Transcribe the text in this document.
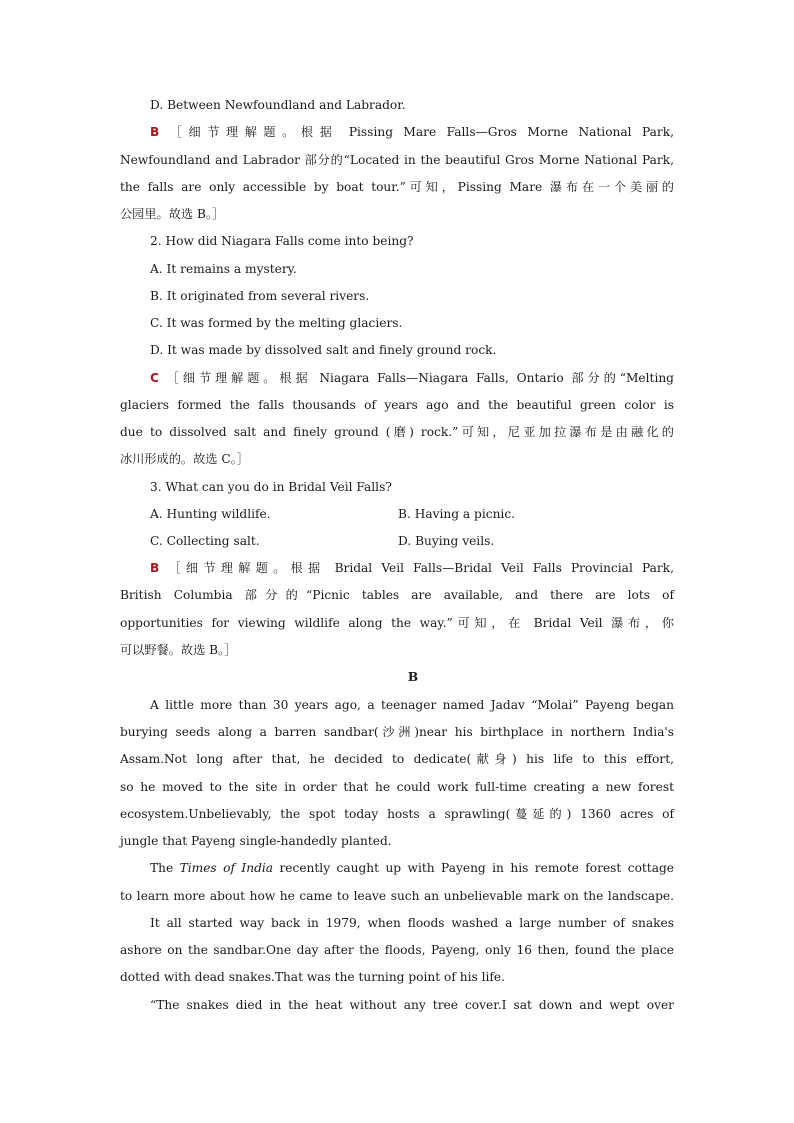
D. Between Newfoundland and Labrador.
B ［细节理解题。根据 Pissing Mare Falls—Gros Morne National Park,
Newfoundland and Labrador 部分的“Located in the beautiful Gros Morne National Park,
the falls are only accessible by boat tour.”可知，Pissing Mare 瀑布在一个美丽的
公园里。故选 B。］
2. How did Niagara Falls come into being?
A. It remains a mystery.
B. It originated from several rivers.
C. It was formed by the melting glaciers.
D. It was made by dissolved salt and finely ground rock.
C ［细节理解题。根据 Niagara Falls—Niagara Falls, Ontario 部分的“Melting
glaciers formed the falls thousands of years ago and the beautiful green color is
due to dissolved salt and finely ground (磨) rock.”可知，尼亚加拉瀑布是由融化的
冰川形成的。故选 C。］
3. What can you do in Bridal Veil Falls?
A. Hunting wildlife.	B. Having a picnic.
C. Collecting salt.	D. Buying veils.
B ［细节理解题。根据 Bridal Veil Falls—Bridal Veil Falls Provincial Park,
British Columbia 部分的“Picnic tables are available, and there are lots of
opportunities for viewing wildlife along the way.”可知，在 Bridal Veil 瀑布，你
可以野餐。故选 B。］
B
A little more than 30 years ago, a teenager named Jadav “Molai” Payeng began
burying seeds along a barren sandbar(沙洲)near his birthplace in northern India's
Assam.Not long after that, he decided to dedicate(献身) his life to this effort,
so he moved to the site in order that he could work full-time creating a new forest
ecosystem.Unbelievably, the spot today hosts a sprawling(蔓延的) 1360 acres of
jungle that Payeng single-handedly planted.
The Times of India recently caught up with Payeng in his remote forest cottage
to learn more about how he came to leave such an unbelievable mark on the landscape.
It all started way back in 1979, when floods washed a large number of snakes
ashore on the sandbar.One day after the floods, Payeng, only 16 then, found the place
dotted with dead snakes.That was the turning point of his life.
“The snakes died in the heat without any tree cover.I sat down and wept over
